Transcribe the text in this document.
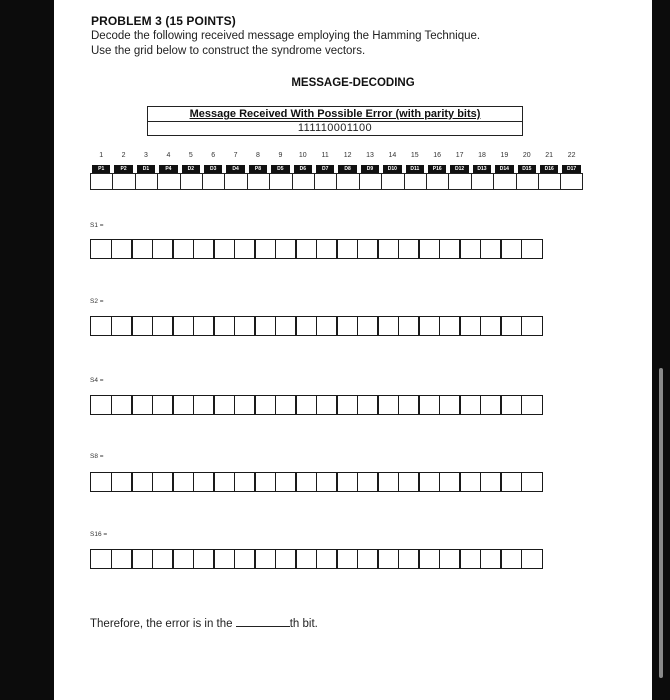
PROBLEM 3 (15 POINTS)
Decode the following received message employing the Hamming Technique.
Use the grid below to construct the syndrome vectors.
MESSAGE-DECODING
Message Received With Possible Error (with parity bits)
111110001100
1
P1
2
P2
3
D1
4
P4
5
D2
6
D3
7
D4
8
P8
9
D5
10
D6
11
D7
12
D8
13
D9
14
D10
15
D11
16
P16
17
D12
18
D13
19
D14
20
D15
21
D16
22
D17
S1 =
S2 =
S4 =
S8 =
S16 =
Therefore, the error is in the	th bit.
